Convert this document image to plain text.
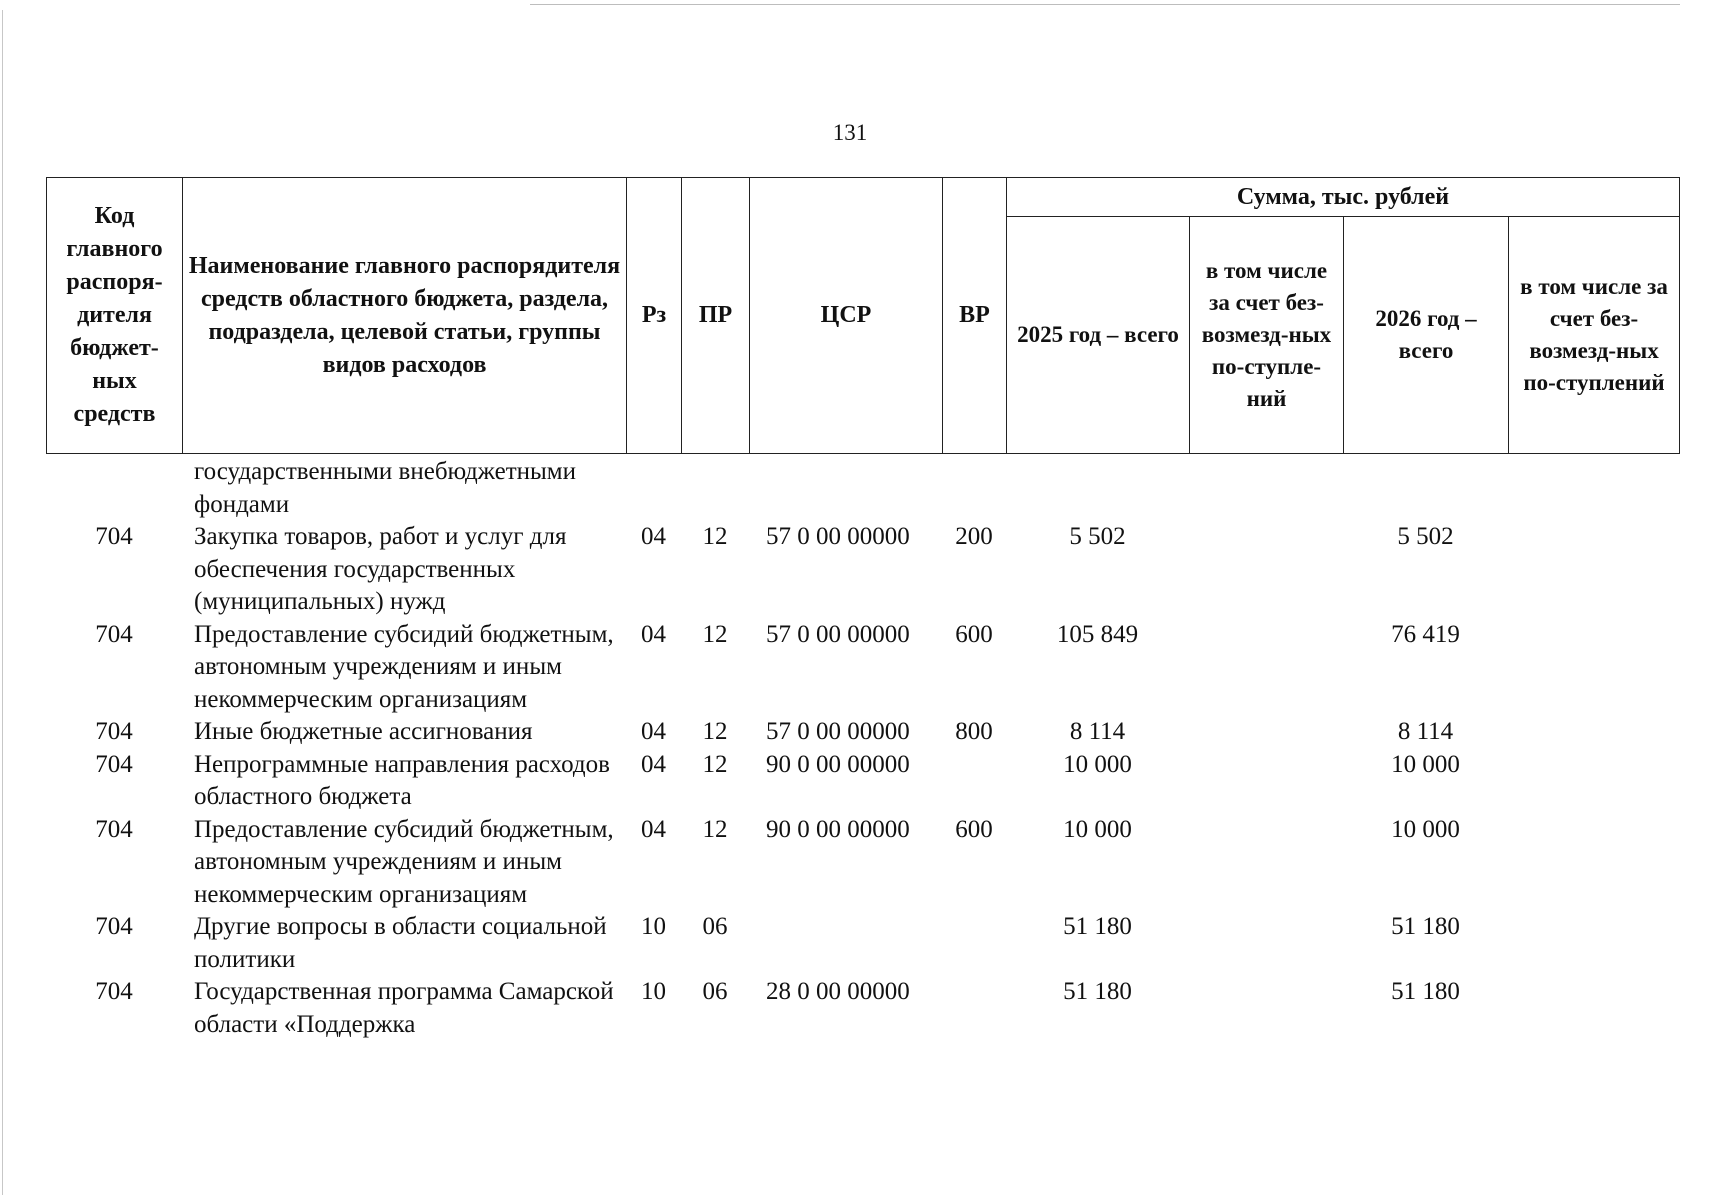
131
Код главного распоря-дителя бюджет-ных средств	Наименование главного распорядителя средств областного бюджета, раздела, подраздела, целевой статьи, группы видов расходов	Рз	ПР	ЦСР	ВР	Сумма, тыс. рублей			
						2025 год – всего	в том числе за счет без-возмезд-ных по-ступле-ний	2026 год – всего	в том числе за счет без-возмезд-ных по-ступлений
	государственными внебюджетными фондами								
704	Закупка товаров, работ и услуг для обеспечения государственных (муниципальных) нужд	04	12	57 0 00 00000	200	5 502		5 502	
704	Предоставление субсидий бюджетным, автономным учреждениям и иным некоммерческим организациям	04	12	57 0 00 00000	600	105 849		76 419	
704	Иные бюджетные ассигнования	04	12	57 0 00 00000	800	8 114		8 114	
704	Непрограммные направления расходов областного бюджета	04	12	90 0 00 00000		10 000		10 000	
704	Предоставление субсидий бюджетным, автономным учреждениям и иным некоммерческим организациям	04	12	90 0 00 00000	600	10 000		10 000	
704	Другие вопросы в области социальной политики	10	06			51 180		51 180	
704	Государственная программа Самарской области «Поддержка	10	06	28 0 00 00000		51 180		51 180	
